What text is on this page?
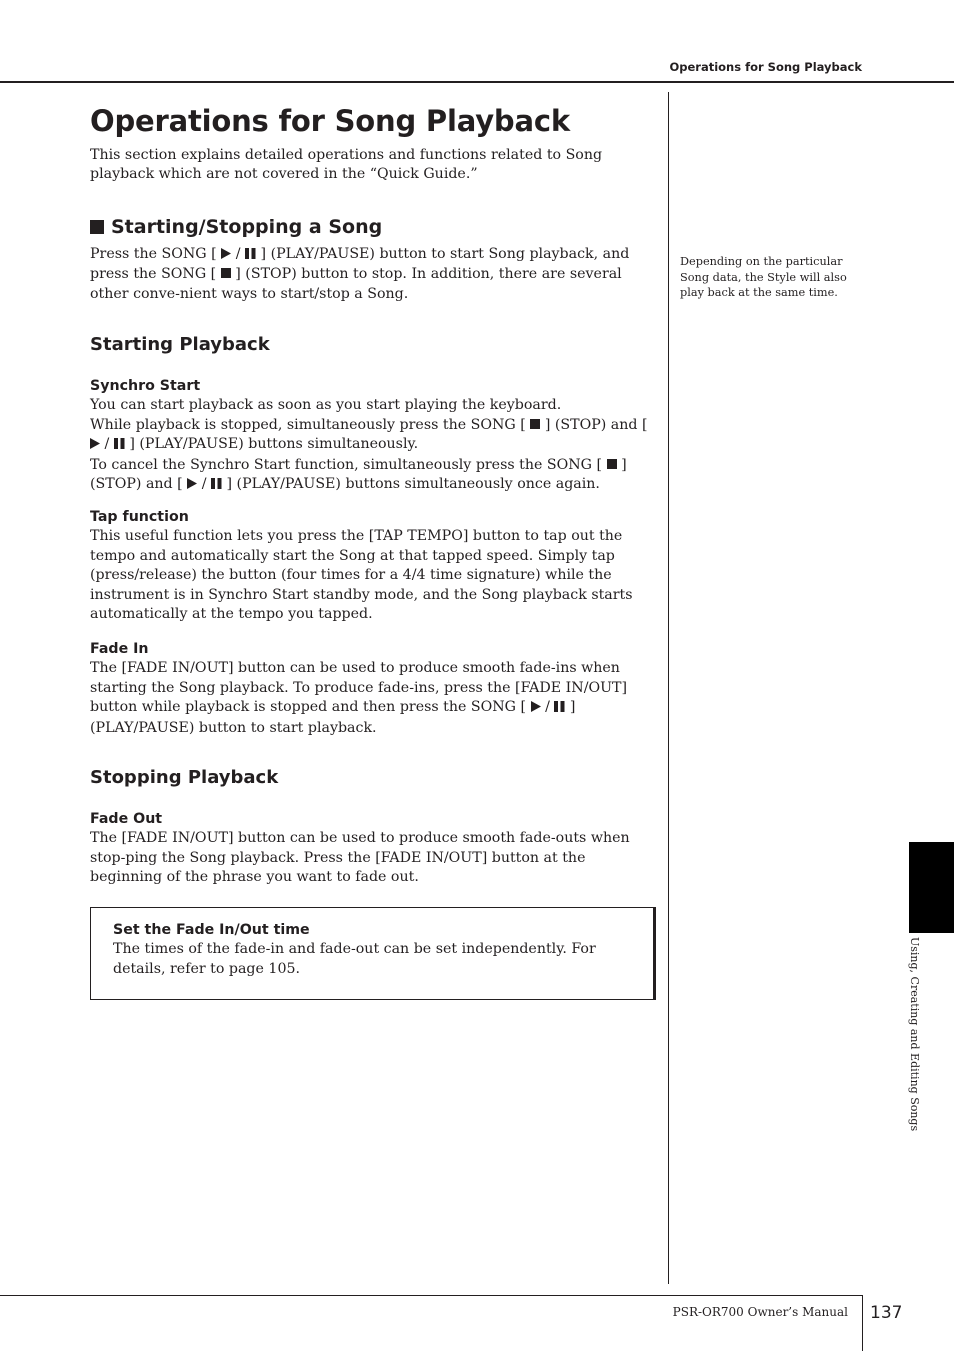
Operations for Song Playback
Operations for Song Playback

This section explains detailed operations and functions related to Song playback which are not covered in the “Quick Guide.”

Starting/Stopping a Song

Press the SONG [ / ] (PLAY/PAUSE) button to start Song playback, and press the SONG [ ] (STOP) button to stop. In addition, there are several other conve-nient ways to start/stop a Song.

Starting Playback

Synchro Start

You can start playback as soon as you start playing the keyboard.

While playback is stopped, simultaneously press the SONG [ ] (STOP) and [  / ] (PLAY/PAUSE) buttons simultaneously.

To cancel the Synchro Start function, simultaneously press the SONG [ ] (STOP) and [ / ] (PLAY/PAUSE) buttons simultaneously once again.

Tap function

This useful function lets you press the [TAP TEMPO] button to tap out the tempo and automatically start the Song at that tapped speed. Simply tap (press/release) the button (four times for a 4/4 time signature) while the instrument is in Synchro Start standby mode, and the Song playback starts automatically at the tempo you tapped.

Fade In

The [FADE IN/OUT] button can be used to produce smooth fade-ins when starting the Song playback. To produce fade-ins, press the [FADE IN/OUT] button while playback is stopped and then press the SONG [ / ] (PLAY/PAUSE) button to start playback.

Stopping Playback

Fade Out

The [FADE IN/OUT] button can be used to produce smooth fade-outs when stop-ping the Song playback. Press the [FADE IN/OUT] button at the beginning of the phrase you want to fade out.

Set the Fade In/Out time

The times of the fade-in and fade-out can be set independently. For details, refer to page 105.

Depending on the particular Song data, the Style will also play back at the same time.

Using, Creating and Editing Songs
PSR-OR700 Owner’s Manual 137
